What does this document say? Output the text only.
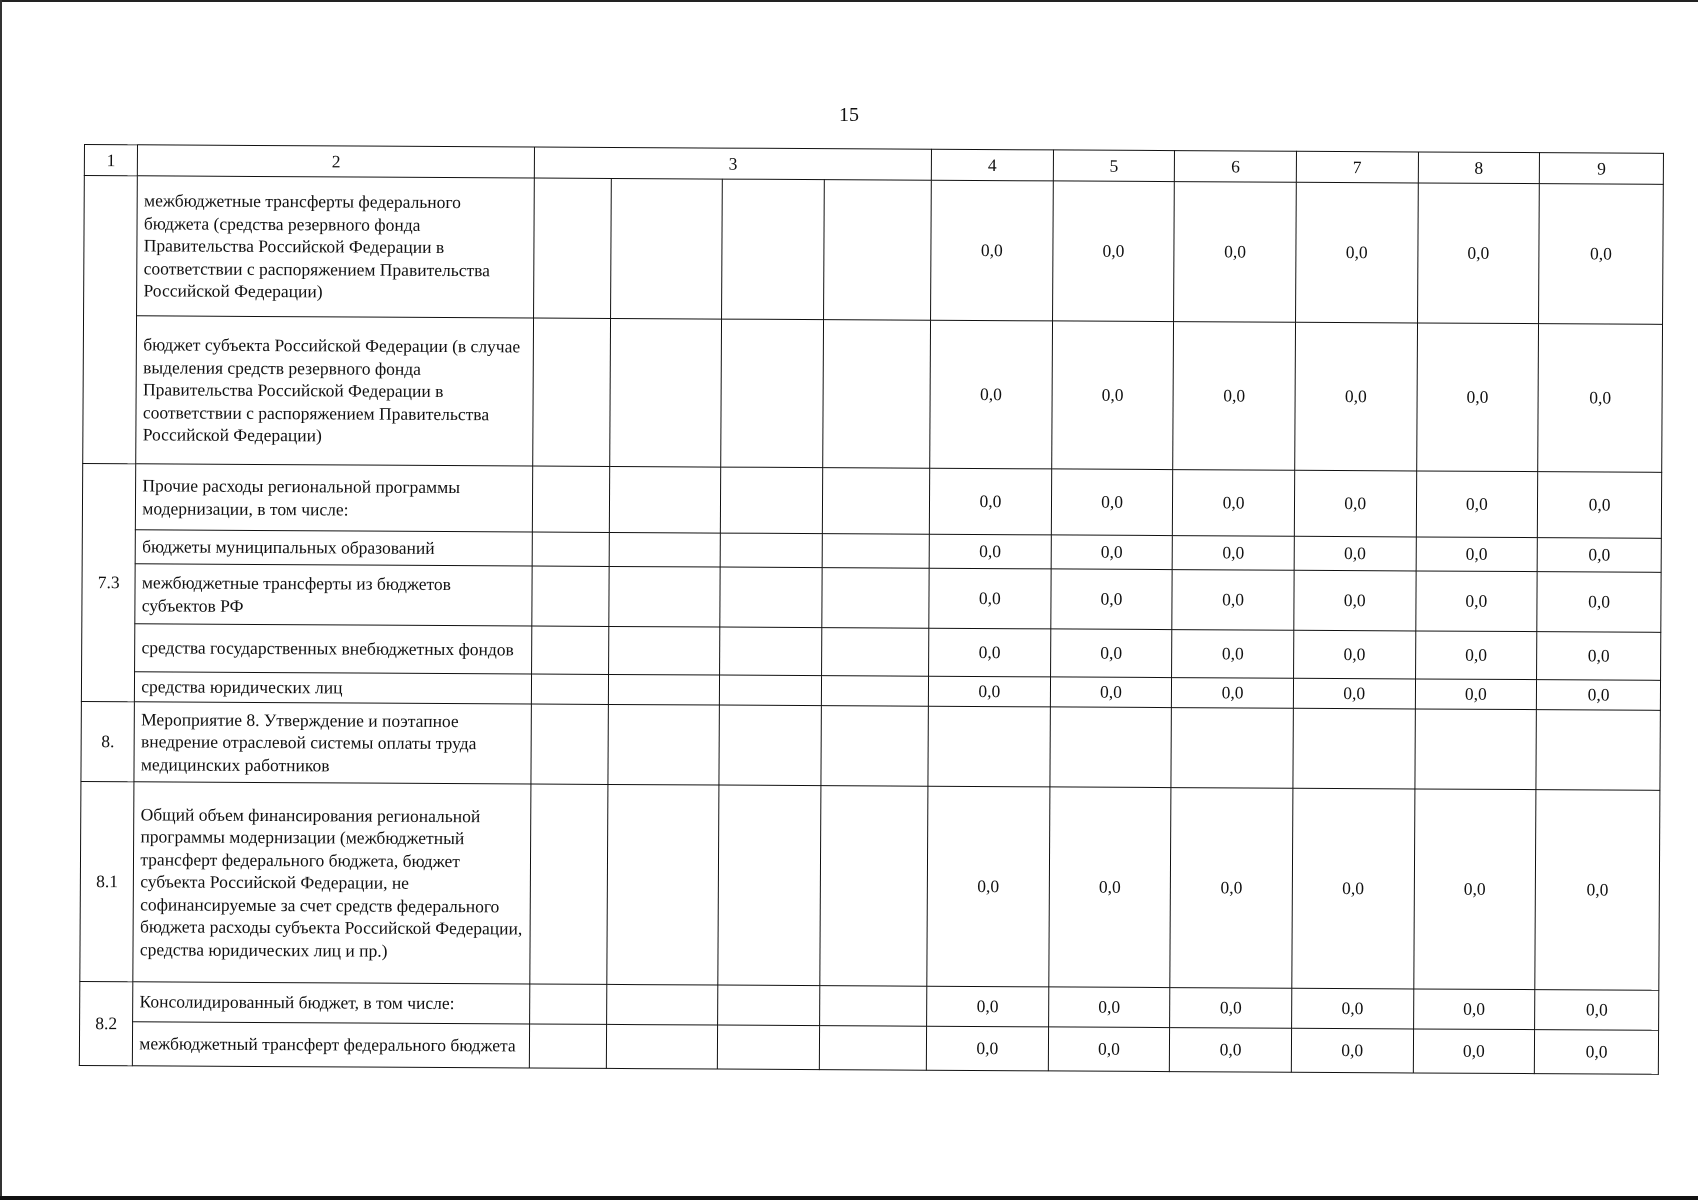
15
1	2	3				4	5	6	7	8	9
	межбюджетные трансферты федерального бюджета (средства резервного фонда Правительства Российской Федерации в соответствии с распоряжением Правительства Российской Федерации)					0,0	0,0	0,0	0,0	0,0	0,0
	бюджет субъекта Российской Федерации (в случае выделения средств резервного фонда Правительства Российской Федерации в соответствии с распоряжением Правительства Российской Федерации)					0,0	0,0	0,0	0,0	0,0	0,0
7.3	Прочие расходы региональной программы модернизации, в том числе:					0,0	0,0	0,0	0,0	0,0	0,0
	бюджеты муниципальных образований					0,0	0,0	0,0	0,0	0,0	0,0
	межбюджетные трансферты из бюджетов субъектов РФ					0,0	0,0	0,0	0,0	0,0	0,0
	средства государственных внебюджетных фондов					0,0	0,0	0,0	0,0	0,0	0,0
	средства юридических лиц					0,0	0,0	0,0	0,0	0,0	0,0
8.	Мероприятие 8. Утверждение и поэтапное внедрение отраслевой системы оплаты труда медицинских работников										
8.1	Общий объем финансирования региональной программы модернизации (межбюджетный трансферт федерального бюджета, бюджет субъекта Российской Федерации, не софинансируемые за счет средств федерального бюджета расходы субъекта Российской Федерации, средства юридических лиц и пр.)					0,0	0,0	0,0	0,0	0,0	0,0
8.2	Консолидированный бюджет, в том числе:					0,0	0,0	0,0	0,0	0,0	0,0
	межбюджетный трансферт федерального бюджета					0,0	0,0	0,0	0,0	0,0	0,0
